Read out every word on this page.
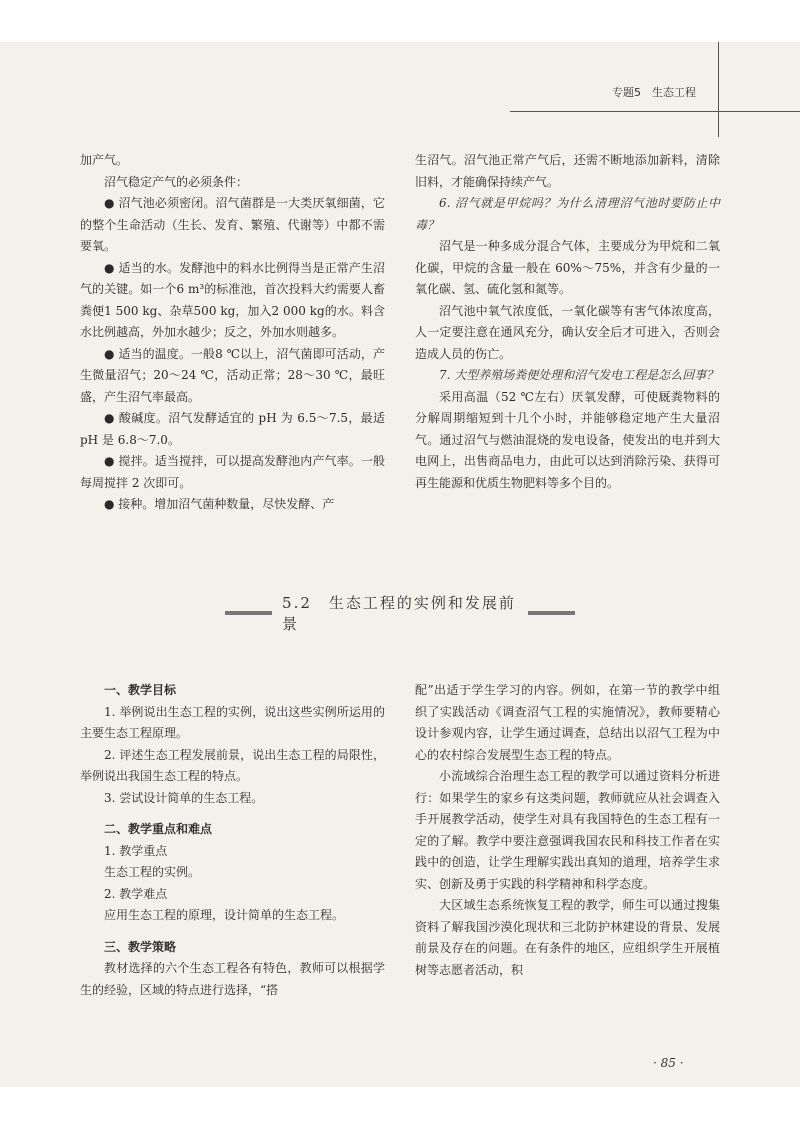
专题5　生态工程

加产气。

沼气稳定产气的必须条件：

● 沼气池必须密闭。沼气菌群是一大类厌氧细菌，它的整个生命活动（生长、发育、繁殖、代谢等）中都不需要氧。

● 适当的水。发酵池中的料水比例得当是正常产生沼气的关键。如一个6 m³的标准池，首次投料大约需要人畜粪便1 500 kg、杂草500 kg，加入2 000 kg的水。料含水比例越高，外加水越少；反之，外加水则越多。

● 适当的温度。一般8 ℃以上，沼气菌即可活动，产生微量沼气；20～24 ℃，活动正常；28～30 ℃，最旺盛，产生沼气率最高。

● 酸碱度。沼气发酵适宜的 pH 为 6.5～7.5，最适 pH 是 6.8～7.0。

● 搅拌。适当搅拌，可以提高发酵池内产气率。一般每周搅拌 2 次即可。

● 接种。增加沼气菌种数量，尽快发酵、产

生沼气。沼气池正常产气后，还需不断地添加新料，清除旧料，才能确保持续产气。

6. 沼气就是甲烷吗？为什么清理沼气池时要防止中毒？

沼气是一种多成分混合气体，主要成分为甲烷和二氧化碳，甲烷的含量一般在 60%～75%，并含有少量的一氧化碳、氢、硫化氢和氮等。

沼气池中氧气浓度低，一氧化碳等有害气体浓度高，人一定要注意在通风充分，确认安全后才可进入，否则会造成人员的伤亡。

7. 大型养殖场粪便处理和沼气发电工程是怎么回事？

采用高温（52 ℃左右）厌氧发酵，可使厩粪物料的分解周期缩短到十几个小时，并能够稳定地产生大量沼气。通过沼气与燃油混烧的发电设备，使发出的电并到大电网上，出售商品电力，由此可以达到消除污染、获得可再生能源和优质生物肥料等多个目的。

5.2　生态工程的实例和发展前景

一、教学目标

1. 举例说出生态工程的实例，说出这些实例所运用的主要生态工程原理。

2. 评述生态工程发展前景，说出生态工程的局限性，举例说出我国生态工程的特点。

3. 尝试设计简单的生态工程。

二、教学重点和难点

1. 教学重点

生态工程的实例。

2. 教学难点

应用生态工程的原理，设计简单的生态工程。

三、教学策略

教材选择的六个生态工程各有特色，教师可以根据学生的经验，区域的特点进行选择，“搭

配”出适于学生学习的内容。例如，在第一节的教学中组织了实践活动《调查沼气工程的实施情况》，教师要精心设计参观内容，让学生通过调查，总结出以沼气工程为中心的农村综合发展型生态工程的特点。

小流域综合治理生态工程的教学可以通过资料分析进行：如果学生的家乡有这类问题，教师就应从社会调查入手开展教学活动，使学生对具有我国特色的生态工程有一定的了解。教学中要注意强调我国农民和科技工作者在实践中的创造，让学生理解实践出真知的道理，培养学生求实、创新及勇于实践的科学精神和科学态度。

大区域生态系统恢复工程的教学，师生可以通过搜集资料了解我国沙漠化现状和三北防护林建设的背景、发展前景及存在的问题。在有条件的地区，应组织学生开展植树等志愿者活动，积

· 85 ·
